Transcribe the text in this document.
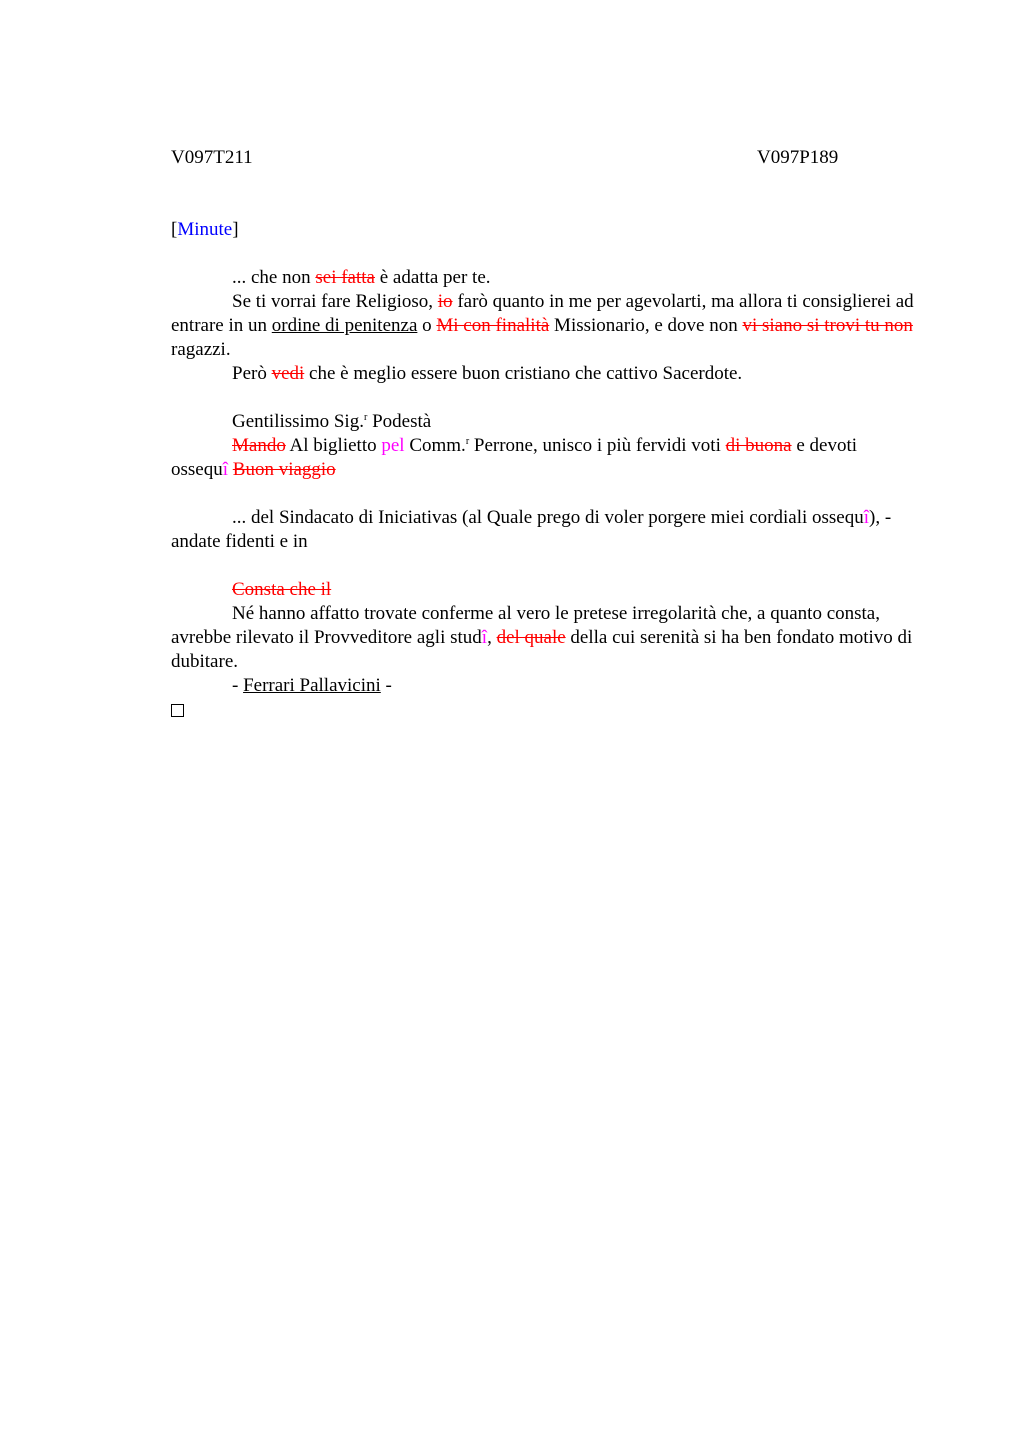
V097T211	V097P189

[Minute]

... che non sei fatta è adatta per te.

Se ti vorrai fare Religioso, io farò quanto in me per agevolarti, ma allora ti consiglierei ad entrare in un ordine di penitenza o Mi con finalità Missionario, e dove non vi siano si trovi tu non ragazzi.

Però vedi che è meglio essere buon cristiano che cattivo Sacerdote.

Gentilissimo Sig.$^r$ Podestà

Mando Al biglietto pel Comm.$^r$ Perrone, unisco i più fervidi voti di buona e devoti ossequî Buon viaggio

... del Sindacato di Iniciativas (al Quale prego di voler porgere miei cordiali ossequî), - andate fidenti e in

Consta che il

Né hanno affatto trovate conferme al vero le pretese irregolarità che, a quanto consta, avrebbe rilevato il Provveditore agli studî, del quale della cui serenità si ha ben fondato motivo di dubitare.

- Ferrari Pallavicini -
